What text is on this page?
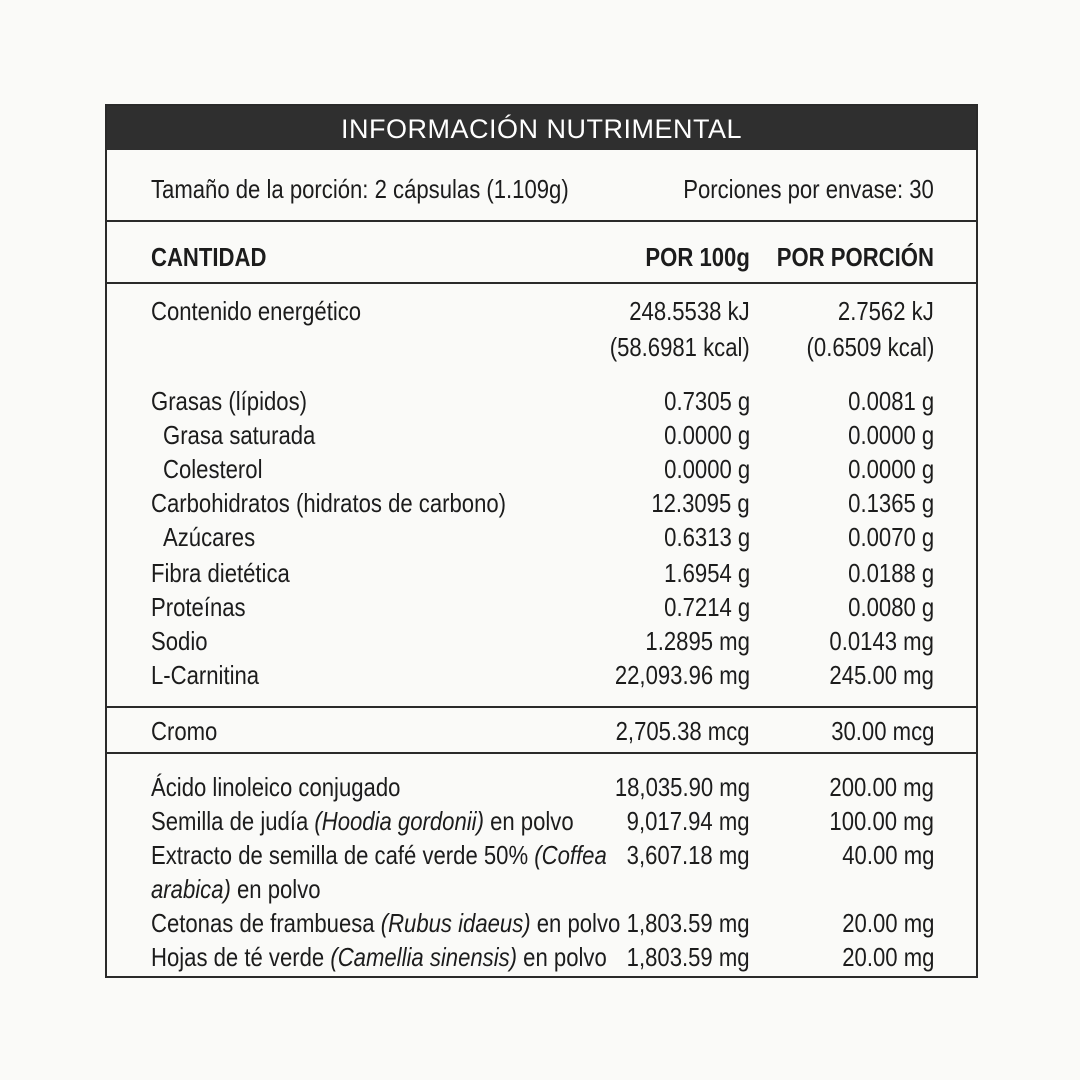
INFORMACIÓN NUTRIMENTAL
Tamaño de la porción: 2 cápsulas (1.109g)	Porciones por envase: 30
CANTIDAD	POR 100g POR PORCIÓN
Contenido energético	248.5538 kJ	2.7562 kJ
(58.6981 kcal) (0.6509 kcal)
Grasas (lípidos)	0.7305 g	0.0081 g
Grasa saturada	0.0000 g	0.0000 g
Colesterol	0.0000 g	0.0000 g
Carbohidratos (hidratos de carbono)	12.3095 g	0.1365 g
Azúcares	0.6313 g	0.0070 g
Fibra dietética	1.6954 g	0.0188 g
Proteínas	0.7214 g	0.0080 g
Sodio	1.2895 mg	0.0143 mg
L-Carnitina	22,093.96 mg	245.00 mg
Cromo	2,705.38 mcg	30.00 mcg
Ácido linoleico conjugado	18,035.90 mg	200.00 mg
Semilla de judía (Hoodia gordonii) en polvo 9,017.94 mg	100.00 mg
Extracto de semilla de café verde 50% (Coffea
arabica) en polvo
3,607.18 mg	40.00 mg
Cetonas de frambuesa (Rubus idaeus) en polvo 1,803.59 mg	20.00 mg
Hojas de té verde (Camellia sinensis) en polvo 1,803.59 mg	20.00 mg
